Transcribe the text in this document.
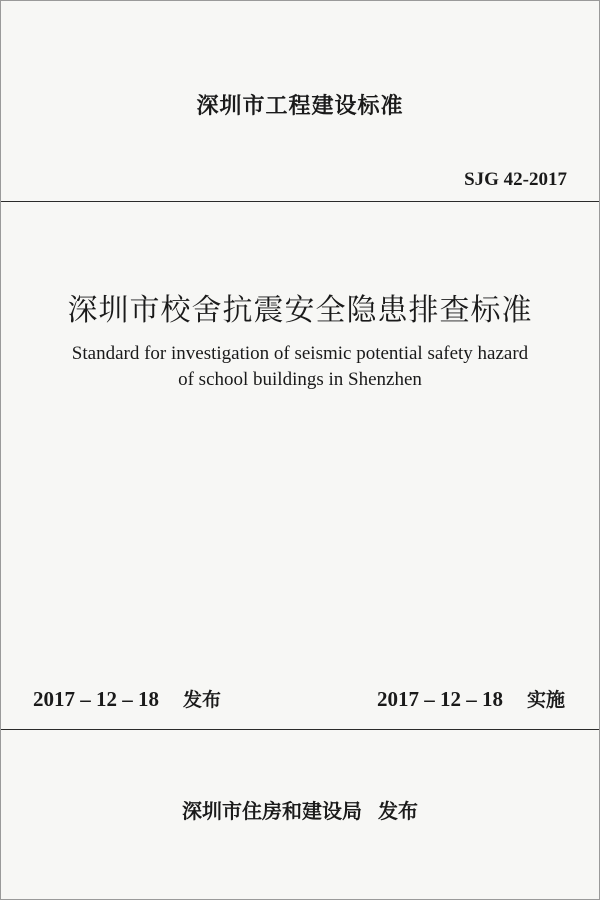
深圳市工程建设标准
SJG 42-2017
深圳市校舍抗震安全隐患排查标准
Standard for investigation of seismic potential safety hazard
of school buildings in Shenzhen
2017 – 12 – 18 发布	2017 – 12 – 18 实施
深圳市住房和建设局 发布
